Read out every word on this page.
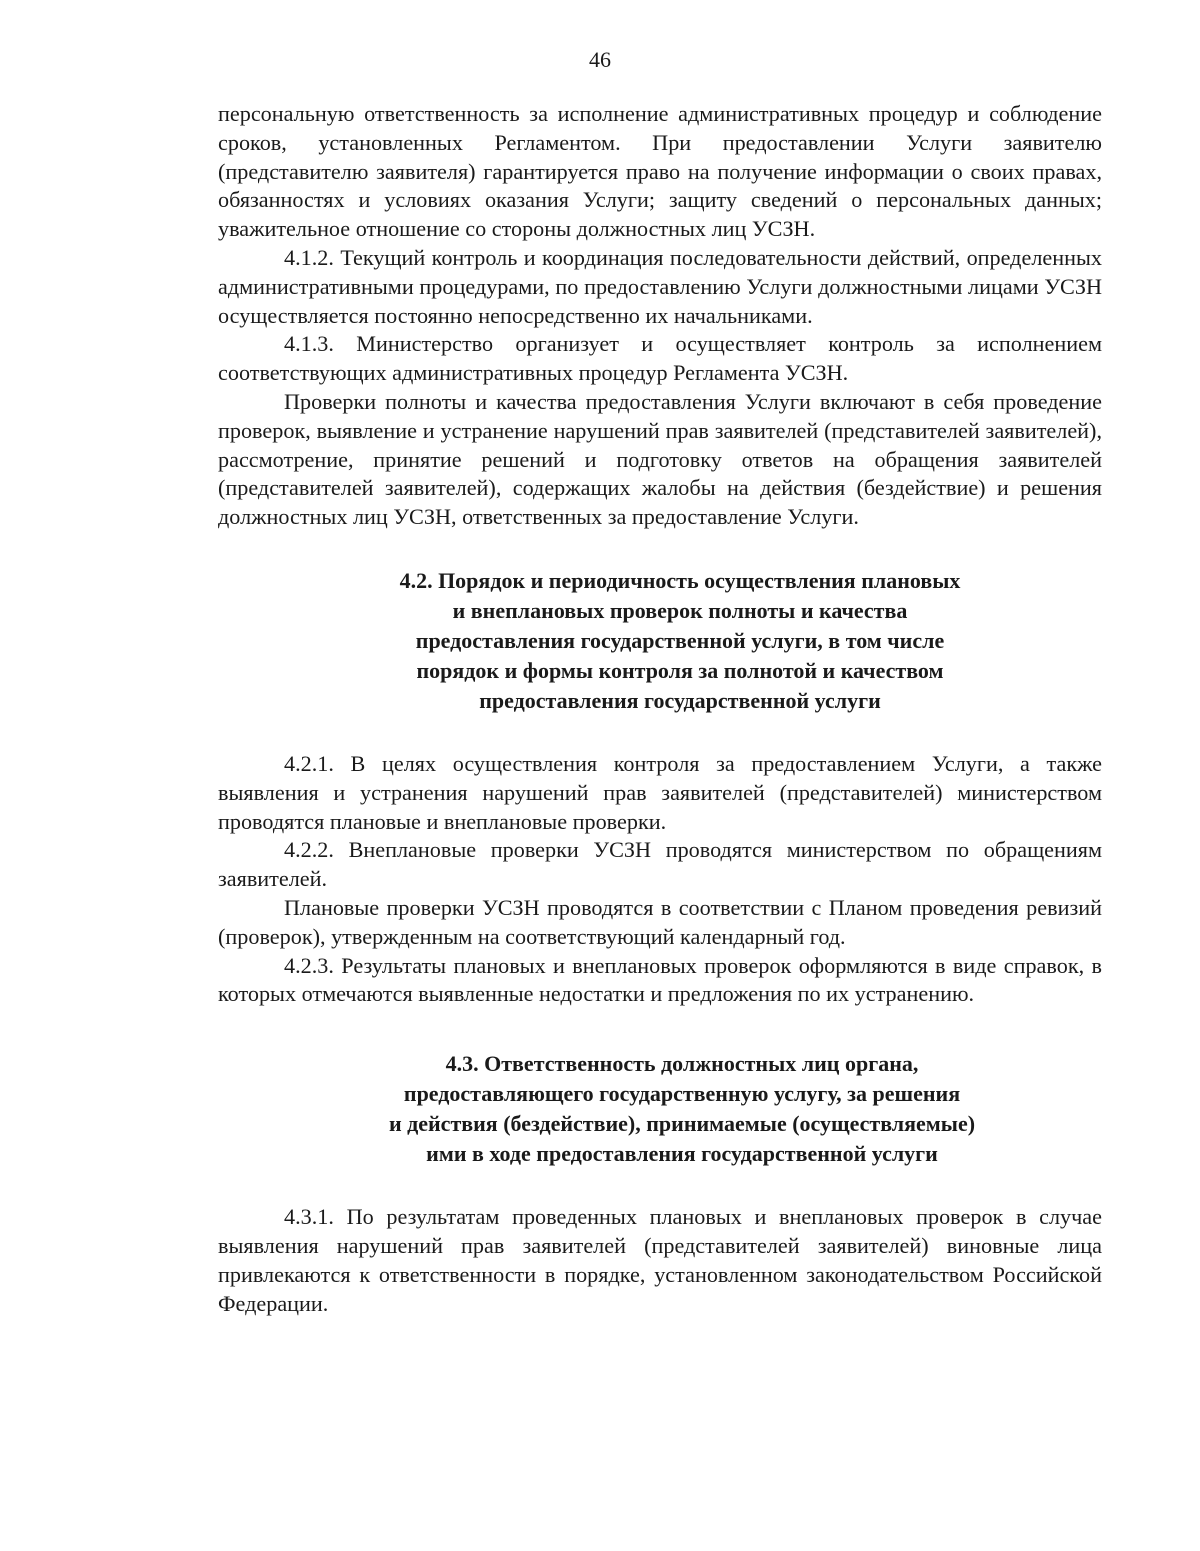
46

персональную ответственность за исполнение административных процедур и соблюдение сроков, установленных Регламентом. При предоставлении Услуги заявителю (представителю заявителя) гарантируется право на получение информации о своих правах, обязанностях и условиях оказания Услуги; защиту сведений о персональных данных; уважительное отношение со стороны должностных лиц УСЗН.

4.1.2. Текущий контроль и координация последовательности действий, определенных административными процедурами, по предоставлению Услуги должностными лицами УСЗН осуществляется постоянно непосредственно их начальниками.

4.1.3. Министерство организует и осуществляет контроль за исполнением соответствующих административных процедур Регламента УСЗН.

Проверки полноты и качества предоставления Услуги включают в себя проведение проверок, выявление и устранение нарушений прав заявителей (представителей заявителей), рассмотрение, принятие решений и подготовку ответов на обращения заявителей (представителей заявителей), содержащих жалобы на действия (бездействие) и решения должностных лиц УСЗН, ответственных за предоставление Услуги.

4.2. Порядок и периодичность осуществления плановых
и внеплановых проверок полноты и качества
предоставления государственной услуги, в том числе
порядок и формы контроля за полнотой и качеством
предоставления государственной услуги

4.2.1. В целях осуществления контроля за предоставлением Услуги, а также выявления и устранения нарушений прав заявителей (представителей) министерством проводятся плановые и внеплановые проверки.

4.2.2. Внеплановые проверки УСЗН проводятся министерством по обращениям заявителей.

Плановые проверки УСЗН проводятся в соответствии с Планом проведения ревизий (проверок), утвержденным на соответствующий календарный год.

4.2.3. Результаты плановых и внеплановых проверок оформляются в виде справок, в которых отмечаются выявленные недостатки и предложения по их устранению.

4.3. Ответственность должностных лиц органа,
предоставляющего государственную услугу, за решения
и действия (бездействие), принимаемые (осуществляемые)
ими в ходе предоставления государственной услуги

4.3.1. По результатам проведенных плановых и внеплановых проверок в случае выявления нарушений прав заявителей (представителей заявителей) виновные лица привлекаются к ответственности в порядке, установленном законодательством Российской Федерации.
